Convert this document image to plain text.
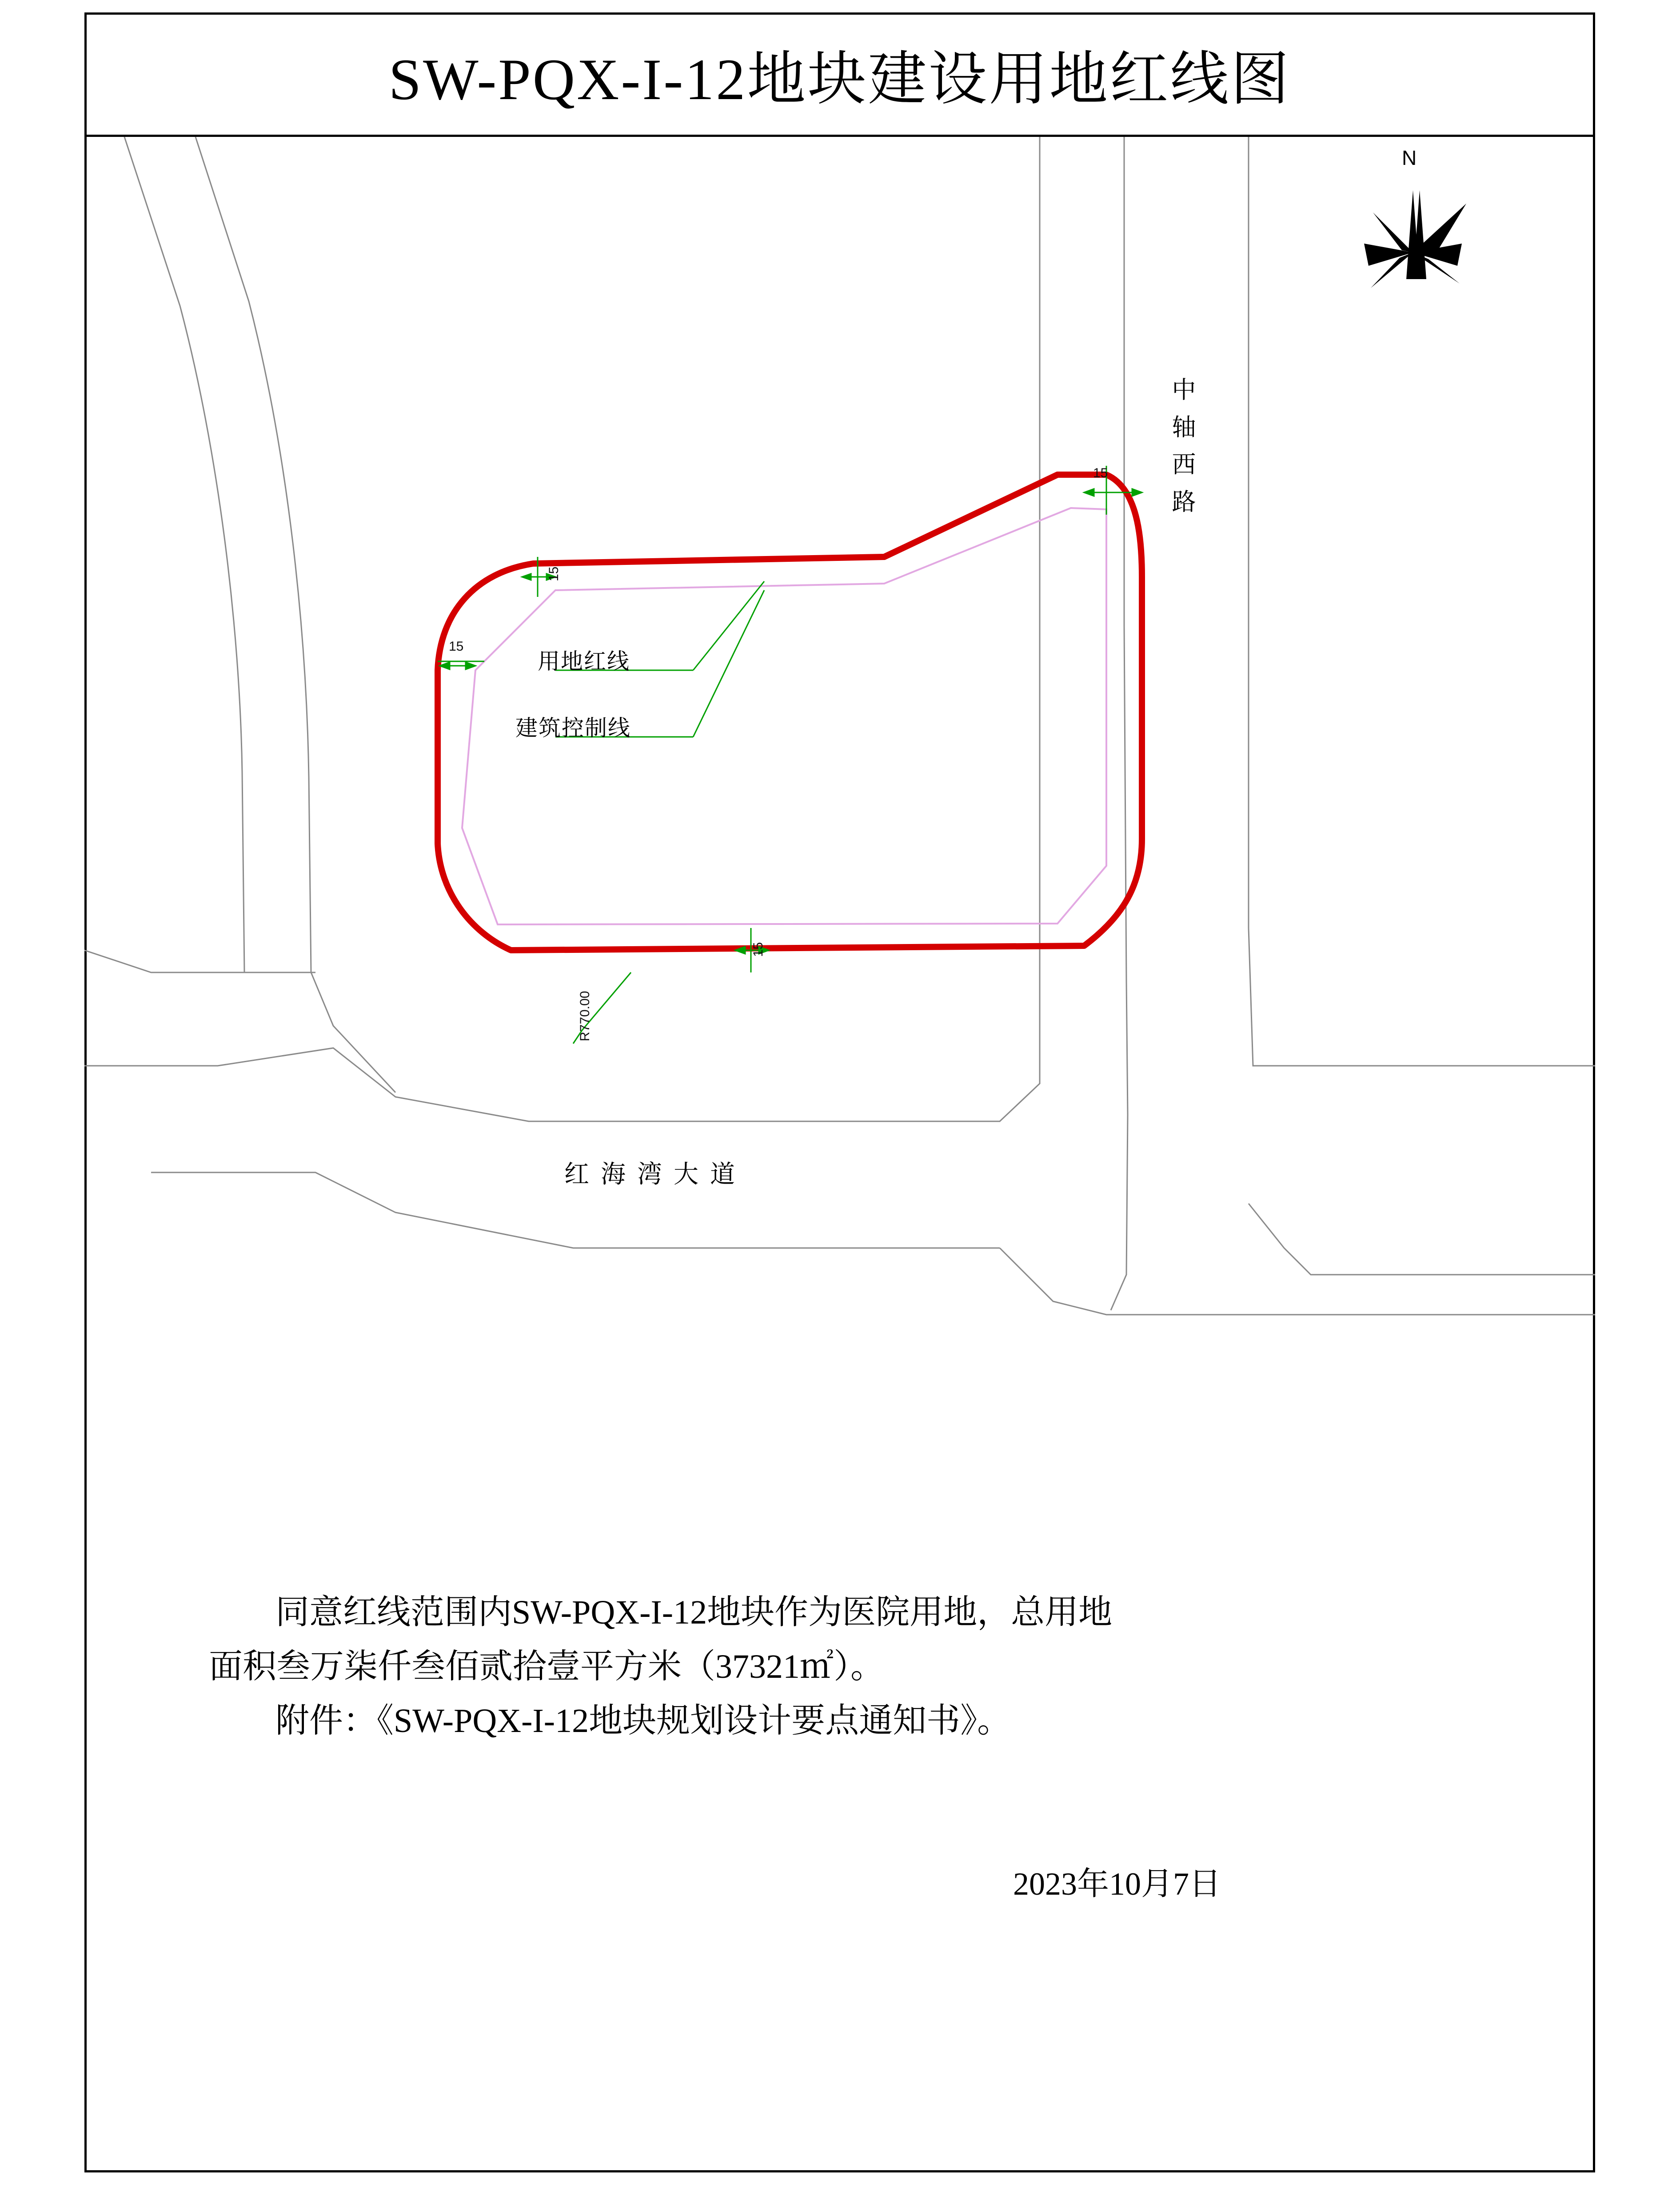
SW-PQX-I-12地块建设用地红线图
N
中轴西路
红海湾大道
用地红线
建筑控制线
15
15
15
15
R770.00

同意红线范围内SW-PQX-I-12地块作为医院用地，总用地

面积叁万柒仟叁佰贰拾壹平方米（37321㎡）。

附件：《SW-PQX-I-12地块规划设计要点通知书》。

2023年10月7日
